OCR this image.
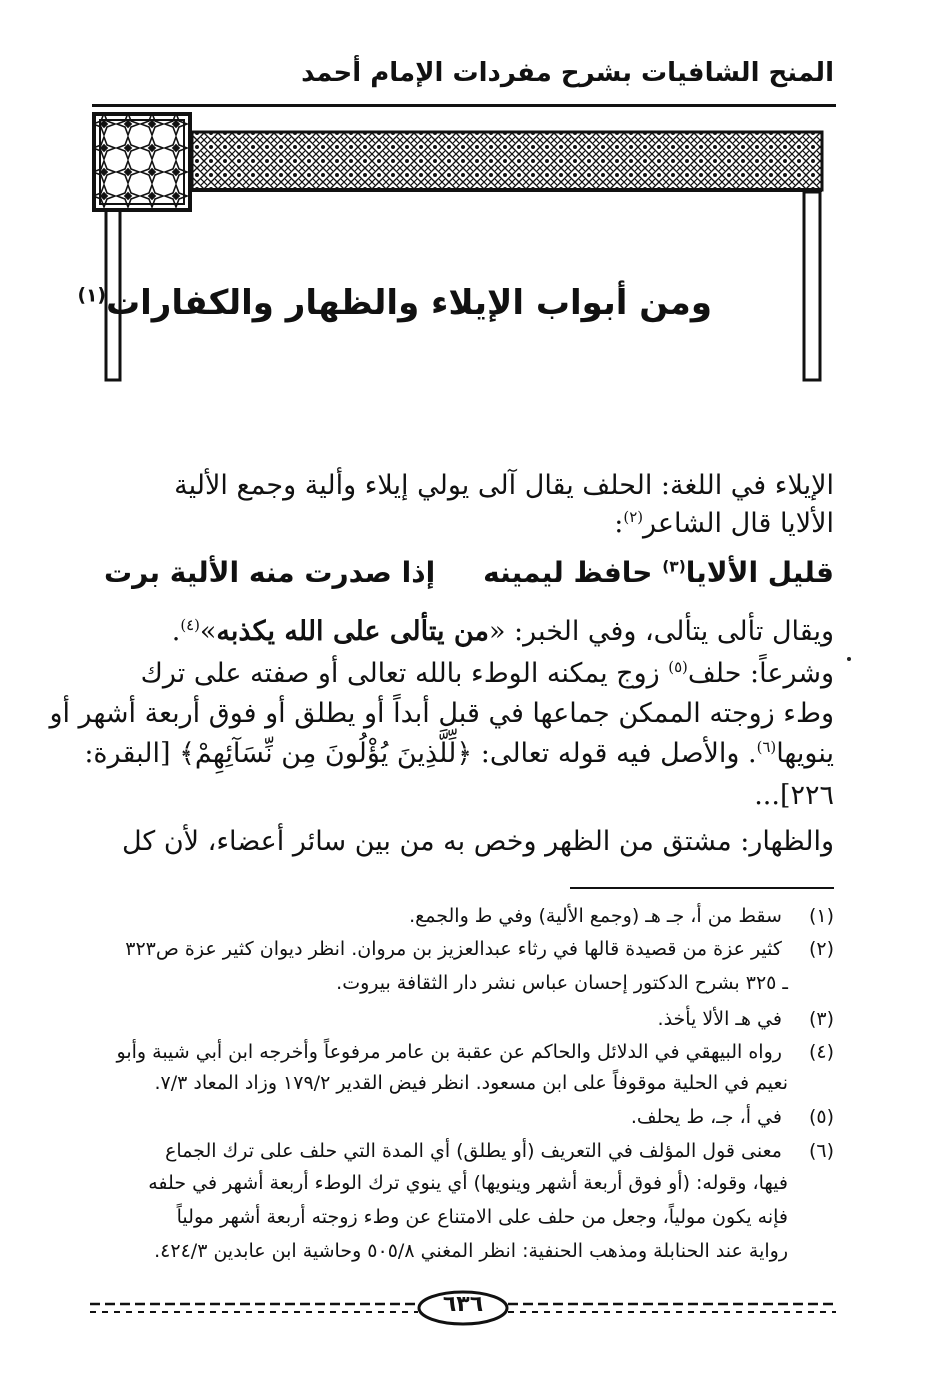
المنح الشافيات بشرح مفردات الإمام أحمد
ومن أبواب الإيلاء والظهار والكفارات$^{(١)}$
الإيلاء في اللغة: الحلف يقال آلى يولي إيلاء وألية وجمع الألية
الألايا قال الشاعر$^{(٢)}$:
قليل الألايا$^{(٣)}$ حافظ ليمينهإذا صدرت منه الألية برت
ويقال تألى يتألى، وفي الخبر: «من يتألى على الله يكذبه»$^{(٤)}$.
وشرعاً: حلف$^{(٥)}$ زوج يمكنه الوطء بالله تعالى أو صفته على ترك
وطء زوجته الممكن جماعها في قبل أبداً أو يطلق أو فوق أربعة أشهر أو
ينويها$^{(٦)}$. والأصل فيه قوله تعالى: ﴿لِّلَّذِينَ يُؤْلُونَ مِن نِّسَآئِهِمْ﴾ [البقرة:
٢٢٦]...
والظهار: مشتق من الظهر وخص به من بين سائر أعضاء، لأن كل
(١) سقط من أ، جـ هـ (وجمع الألية) وفي ط والجمع.
(٢) كثير عزة من قصيدة قالها في رثاء عبدالعزيز بن مروان. انظر ديوان كثير عزة ص٣٢٣
ـ ٣٢٥ بشرح الدكتور إحسان عباس نشر دار الثقافة بيروت.
(٣) في هـ الألا يأخذ.
(٤) رواه البيهقي في الدلائل والحاكم عن عقبة بن عامر مرفوعاً وأخرجه ابن أبي شيبة وأبو
نعيم في الحلية موقوفاً على ابن مسعود. انظر فيض القدير ١٧٩/٢ وزاد المعاد ٧/٣.
(٥) في أ، جـ، ط يحلف.
(٦) معنى قول المؤلف في التعريف (أو يطلق) أي المدة التي حلف على ترك الجماع
فيها، وقوله: (أو فوق أربعة أشهر وينويها) أي ينوي ترك الوطء أربعة أشهر في حلفه
فإنه يكون مولياً، وجعل من حلف على الامتناع عن وطء زوجته أربعة أشهر مولياً
رواية عند الحنابلة ومذهب الحنفية: انظر المغني ٥٠٥/٨ وحاشية ابن عابدين ٤٢٤/٣.
٦٣٦
